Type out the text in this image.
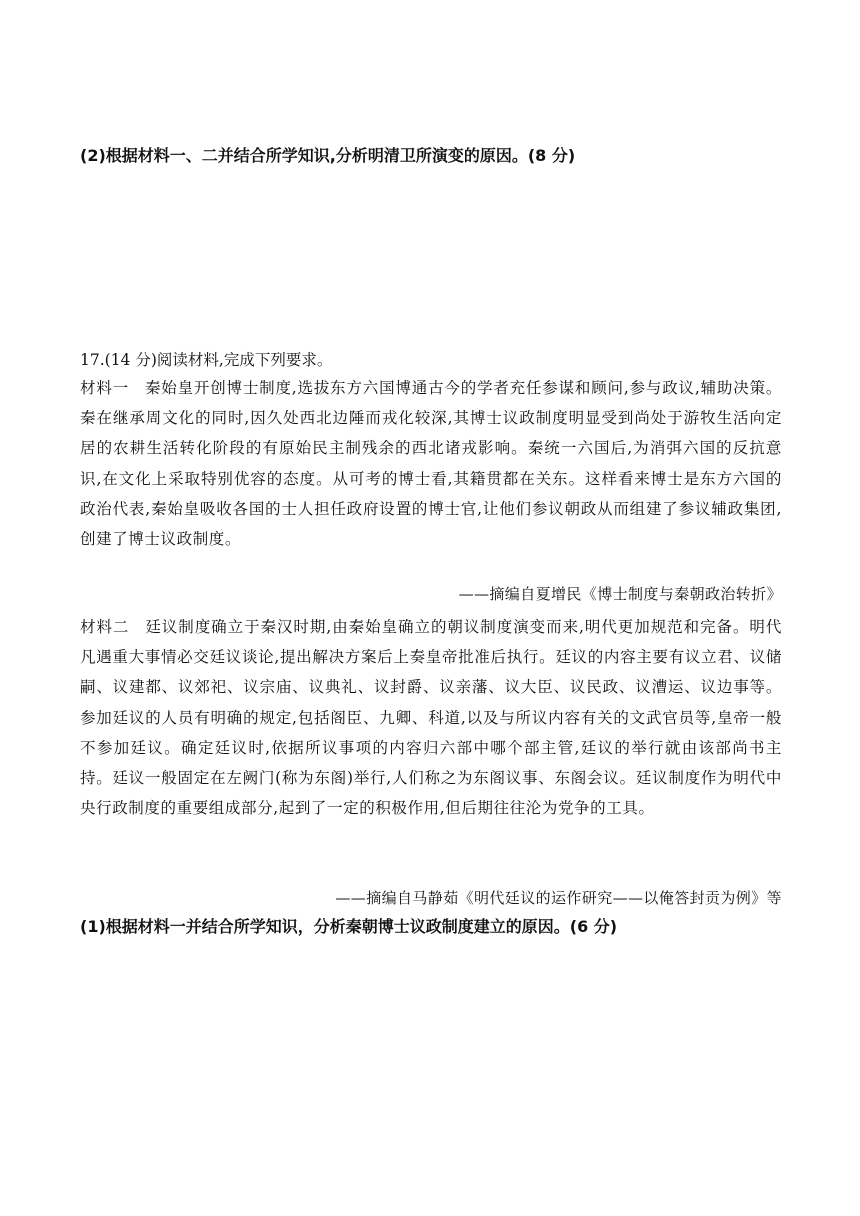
(2)根据材料一、二并结合所学知识,分析明清卫所演变的原因。(8 分)
17.(14 分)阅读材料,完成下列要求。

材料一 秦始皇开创博士制度,选拔东方六国博通古今的学者充任参谋和顾问,参与政议,辅助决策。秦在继承周文化的同时,因久处西北边陲而戎化较深,其博士议政制度明显受到尚处于游牧生活向定居的农耕生活转化阶段的有原始民主制残余的西北诸戎影响。秦统一六国后,为消弭六国的反抗意识,在文化上采取特别优容的态度。从可考的博士看,其籍贯都在关东。这样看来博士是东方六国的政治代表,秦始皇吸收各国的士人担任政府设置的博士官,让他们参议朝政从而组建了参议辅政集团,创建了博士议政制度。

——摘编自夏增民《博士制度与秦朝政治转折》

材料二 廷议制度确立于秦汉时期,由秦始皇确立的朝议制度演变而来,明代更加规范和完备。明代凡遇重大事情必交廷议谈论,提出解决方案后上奏皇帝批准后执行。廷议的内容主要有议立君、议储嗣、议建都、议郊祀、议宗庙、议典礼、议封爵、议亲藩、议大臣、议民政、议漕运、议边事等。参加廷议的人员有明确的规定,包括阁臣、九卿、科道,以及与所议内容有关的文武官员等,皇帝一般不参加廷议。确定廷议时,依据所议事项的内容归六部中哪个部主管,廷议的举行就由该部尚书主持。廷议一般固定在左阙门(称为东阁)举行,人们称之为东阁议事、东阁会议。廷议制度作为明代中央行政制度的重要组成部分,起到了一定的积极作用,但后期往往沦为党争的工具。

——摘编自马静茹《明代廷议的运作研究——以俺答封贡为例》等
(1)根据材料一并结合所学知识，分析秦朝博士议政制度建立的原因。(6 分)
